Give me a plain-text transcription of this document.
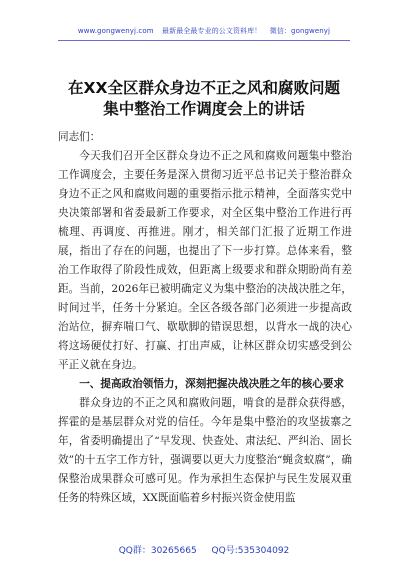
www.gongwenyj.com 最新最全最专业的公文资料库！ 微信：gongwenyj
在XX全区群众身边不正之风和腐败问题
集中整治工作调度会上的讲话

同志们：

今天我们召开全区群众身边不正之风和腐败问题集中整治工作调度会，主要任务是深入贯彻习近平总书记关于整治群众身边不正之风和腐败问题的重要指示批示精神，全面落实党中央决策部署和省委最新工作要求，对全区集中整治工作进行再梳理、再调度、再推进。刚才，相关部门汇报了近期工作进展，指出了存在的问题，也提出了下一步打算。总体来看，整治工作取得了阶段性成效，但距离上级要求和群众期盼尚有差距。当前，2026年已被明确定义为集中整治的决战决胜之年，时间过半，任务十分紧迫。全区各级各部门必须进一步提高政治站位，摒弃喘口气、歇歇脚的错误思想，以背水一战的决心将这场硬仗打好、打赢、打出声威，让林区群众切实感受到公平正义就在身边。

一、提高政治领悟力，深刻把握决战决胜之年的核心要求

群众身边的不正之风和腐败问题，啃食的是群众获得感，挥霍的是基层群众对党的信任。今年是集中整治的攻坚拔寨之年，省委明确提出了“早发现、快查处、肃法纪、严纠治、固长效”的十五字工作方针，强调要以更大力度整治“蝇贪蚁腐”，确保整治成果群众可感可见。作为承担生态保护与民生发展双重任务的特殊区域，XX既面临着乡村振兴资金使用监

QQ群：30265665 QQ号:535304092
